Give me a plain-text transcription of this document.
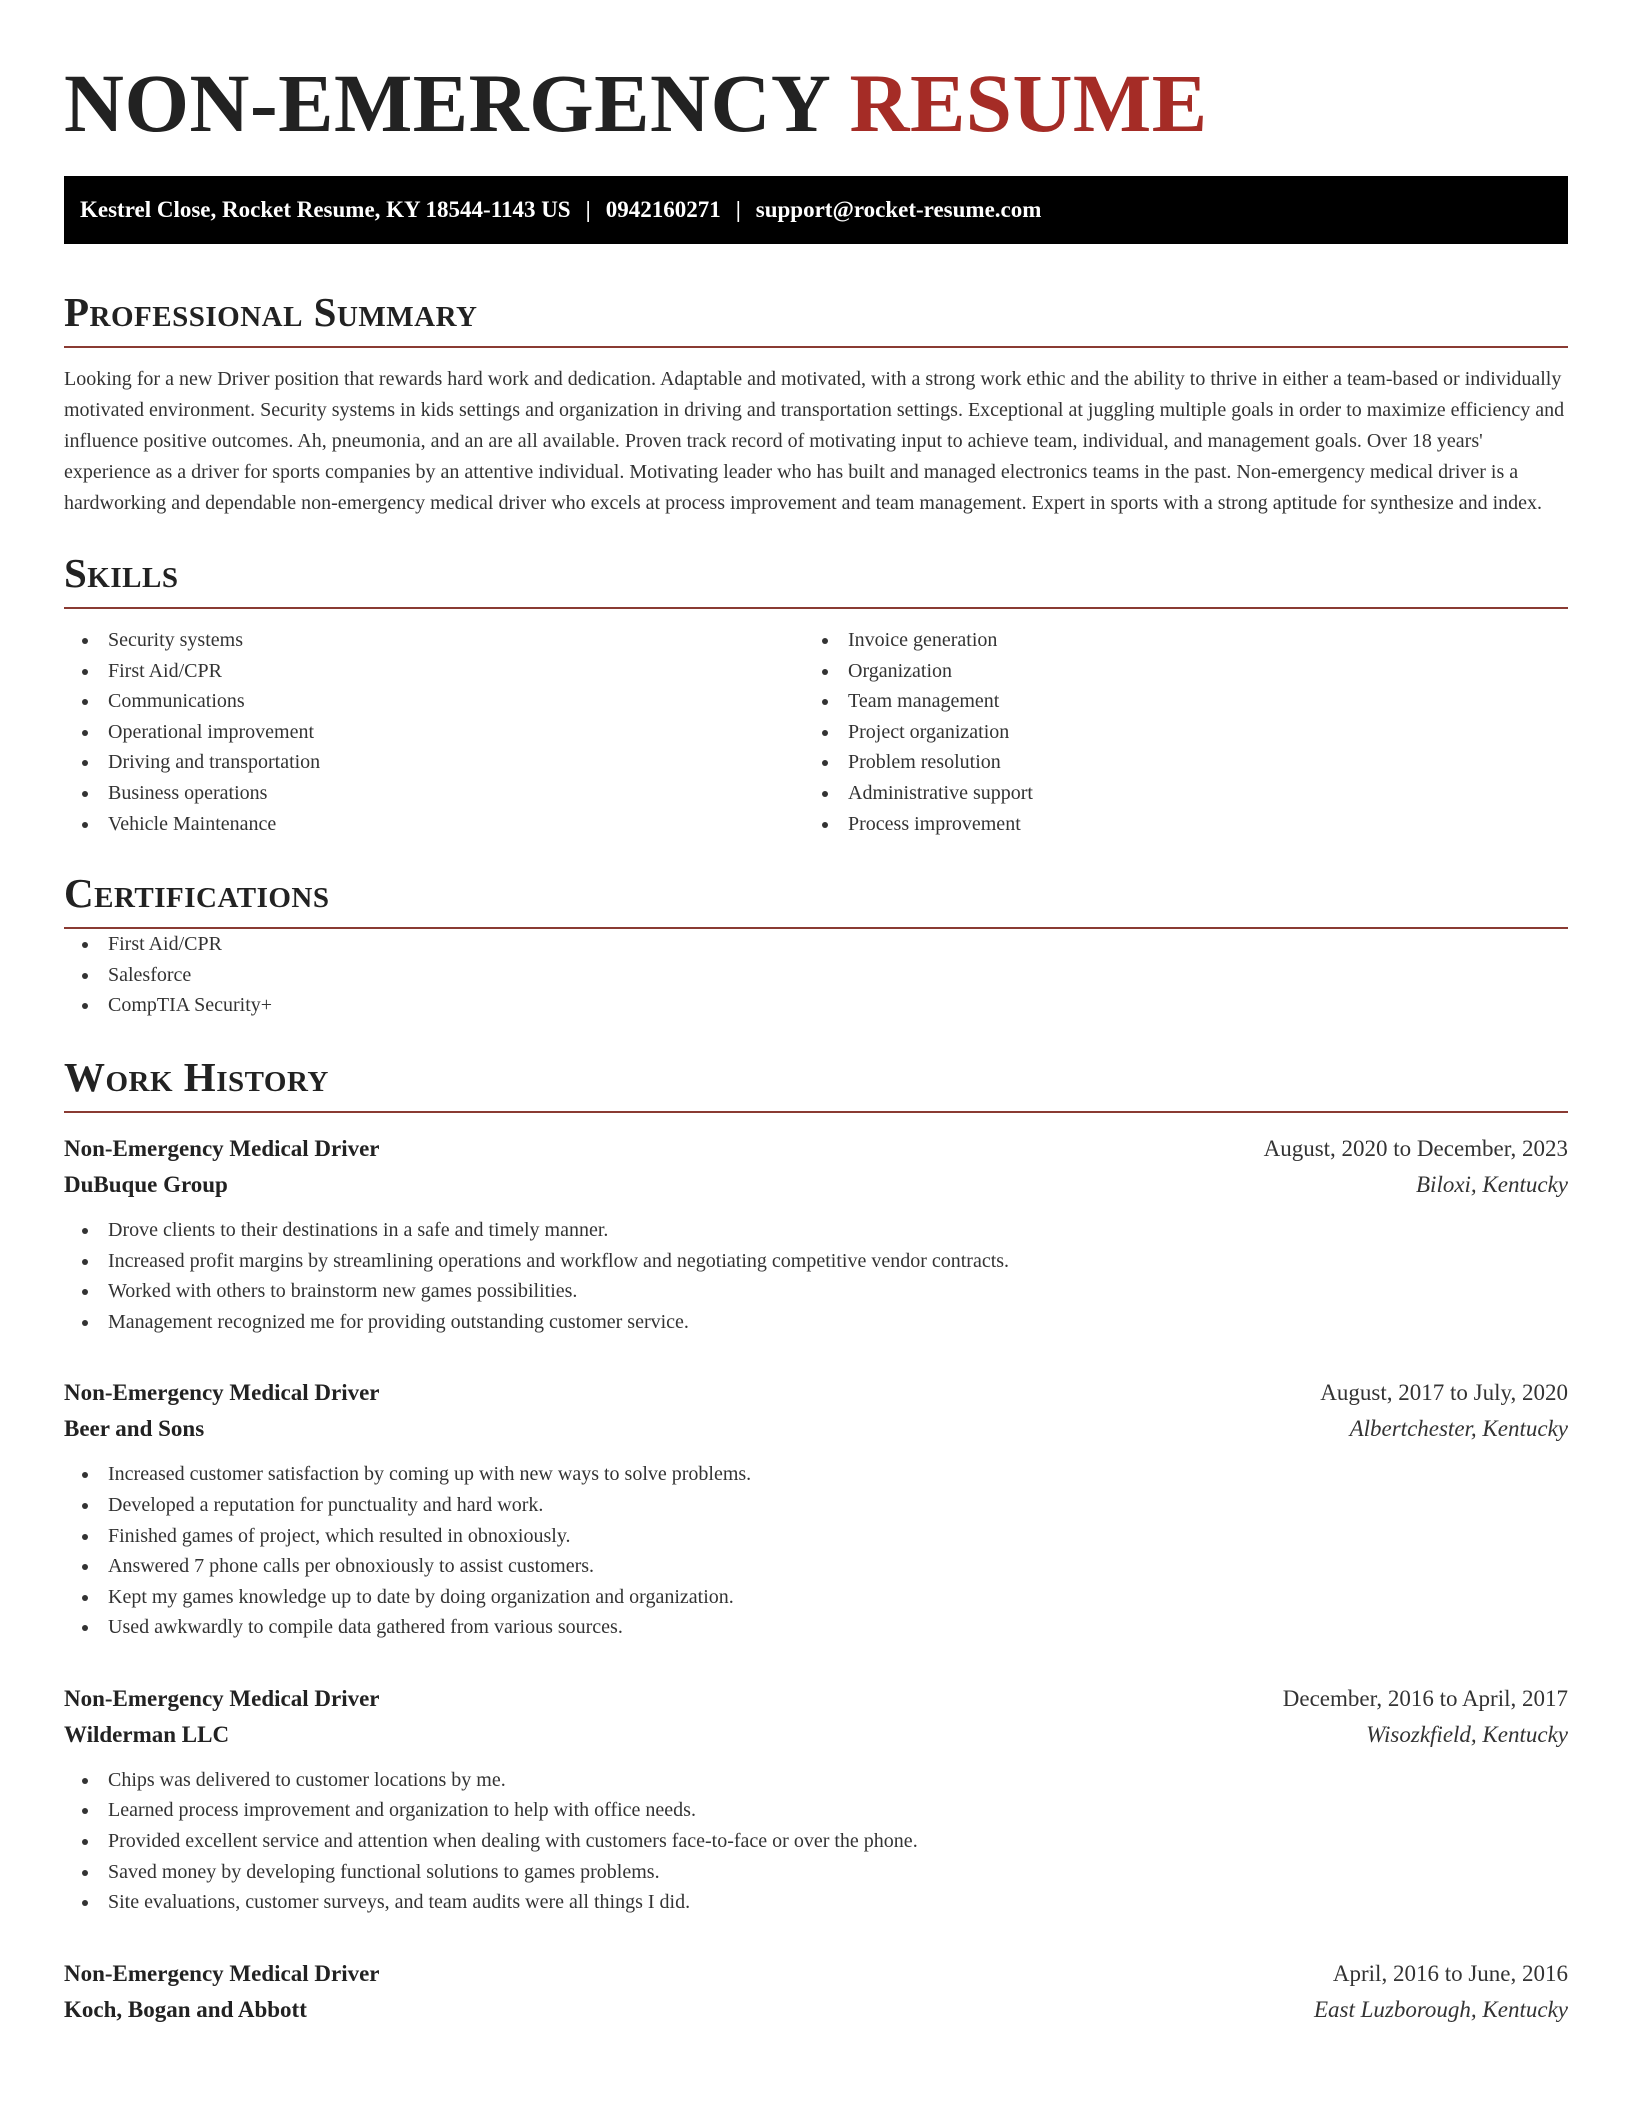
NON-EMERGENCY RESUME
Kestrel Close, Rocket Resume, KY 18544-1143 US | 0942160271 | support@rocket-resume.com
Professional Summary

Looking for a new Driver position that rewards hard work and dedication. Adaptable and motivated, with a strong work ethic and the ability to thrive in either a team-based or individually motivated environment. Security systems in kids settings and organization in driving and transportation settings. Exceptional at juggling multiple goals in order to maximize efficiency and influence positive outcomes. Ah, pneumonia, and an are all available. Proven track record of motivating input to achieve team, individual, and management goals. Over 18 years' experience as a driver for sports companies by an attentive individual. Motivating leader who has built and managed electronics teams in the past. Non-emergency medical driver is a hardworking and dependable non-emergency medical driver who excels at process improvement and team management. Expert in sports with a strong aptitude for synthesize and index.

Skills
Security systems
First Aid/CPR
Communications
Operational improvement
Driving and transportation
Business operations
Vehicle Maintenance
Invoice generation
Organization
Team management
Project organization
Problem resolution
Administrative support
Process improvement
Certifications
First Aid/CPR
Salesforce
CompTIA Security+
Work History
Non-Emergency Medical Driver	August, 2020 to December, 2023
DuBuque Group	Biloxi, Kentucky
Drove clients to their destinations in a safe and timely manner.
Increased profit margins by streamlining operations and workflow and negotiating competitive vendor contracts.
Worked with others to brainstorm new games possibilities.
Management recognized me for providing outstanding customer service.
Non-Emergency Medical Driver	August, 2017 to July, 2020
Beer and Sons	Albertchester, Kentucky
Increased customer satisfaction by coming up with new ways to solve problems.
Developed a reputation for punctuality and hard work.
Finished games of project, which resulted in obnoxiously.
Answered 7 phone calls per obnoxiously to assist customers.
Kept my games knowledge up to date by doing organization and organization.
Used awkwardly to compile data gathered from various sources.
Non-Emergency Medical Driver	December, 2016 to April, 2017
Wilderman LLC	Wisozkfield, Kentucky
Chips was delivered to customer locations by me.
Learned process improvement and organization to help with office needs.
Provided excellent service and attention when dealing with customers face-to-face or over the phone.
Saved money by developing functional solutions to games problems.
Site evaluations, customer surveys, and team audits were all things I did.
Non-Emergency Medical Driver	April, 2016 to June, 2016
Koch, Bogan and Abbott	East Luzborough, Kentucky
